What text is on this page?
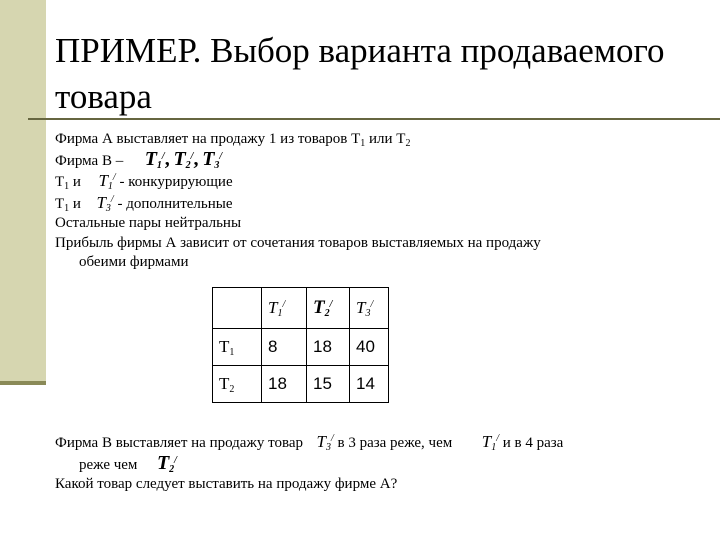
ПРИМЕР. Выбор варианта продаваемого товара
Фирма А выставляет на продажу 1 из товаров $Т_1$ или $Т_2$
Фирма В – $T_1^/$, $T_2^/$, $T_3^/$
$Т_1$ и $T_1^/$ - конкурирующие
$Т_1$ и $T_3^/$ - дополнительные
Остальные пары нейтральны
Прибыль фирмы А зависит от сочетания товаров выставляемых на продажу
обеими фирмами
	$T_1^/$	$T_2^/$	$T_3^/$
$Т_1$	8	18	40
$Т_2$	18	15	14
Фирма В выставляет на продажу товар $T_3^/$ в 3 раза реже, чем $T_1^/$ и в 4 раза
реже чем $T_2^/$
Какой товар следует выставить на продажу фирме А?
